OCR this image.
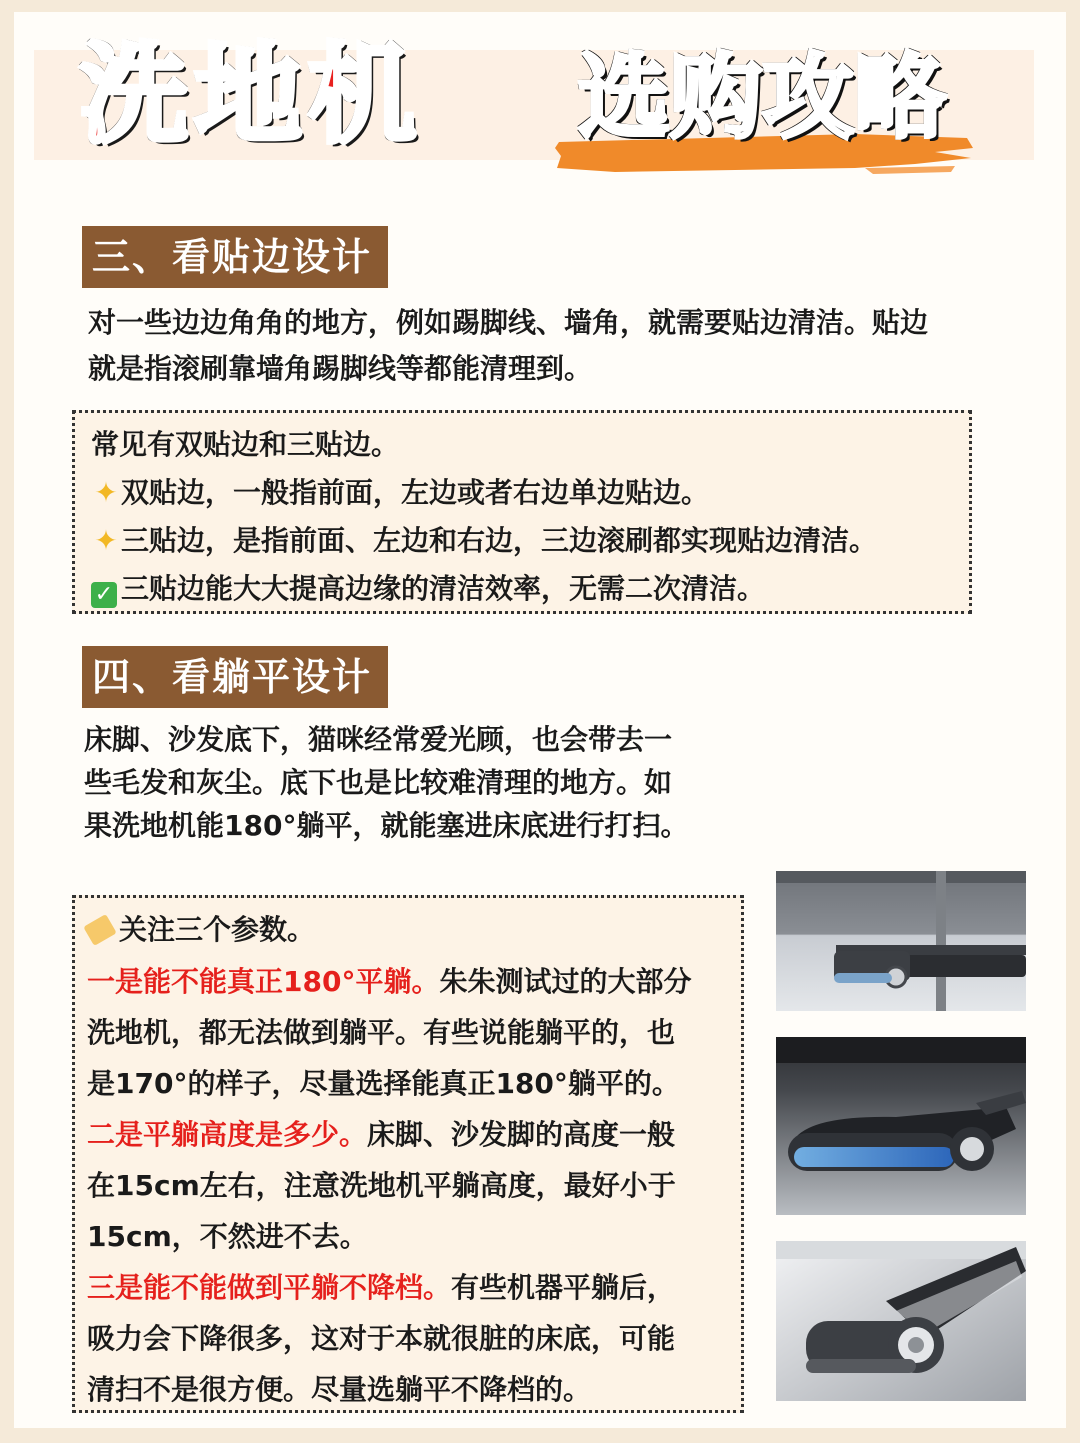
洗地机 选购攻略
三、看贴边设计

对一些边边角角的地方，例如踢脚线、墙角，就需要贴边清洁。贴边
就是指滚刷靠墙角踢脚线等都能清理到。

常见有双贴边和三贴边。
✦ 双贴边，一般指前面，左边或者右边单边贴边。
✦ 三贴边，是指前面、左边和右边，三边滚刷都实现贴边清洁。
✓ 三贴边能大大提高边缘的清洁效率，无需二次清洁。
四、看躺平设计

床脚、沙发底下，猫咪经常爱光顾，也会带去一
些毛发和灰尘。底下也是比较难清理的地方。如
果洗地机能180°躺平，就能塞进床底进行打扫。

关注三个参数。
一是能不能真正180°平躺。朱朱测试过的大部分
洗地机，都无法做到躺平。有些说能躺平的，也
是170°的样子，尽量选择能真正180°躺平的。
二是平躺高度是多少。床脚、沙发脚的高度一般
在15cm左右，注意洗地机平躺高度，最好小于
15cm，不然进不去。
三是能不能做到平躺不降档。有些机器平躺后，
吸力会下降很多，这对于本就很脏的床底，可能
清扫不是很方便。尽量选躺平不降档的。
